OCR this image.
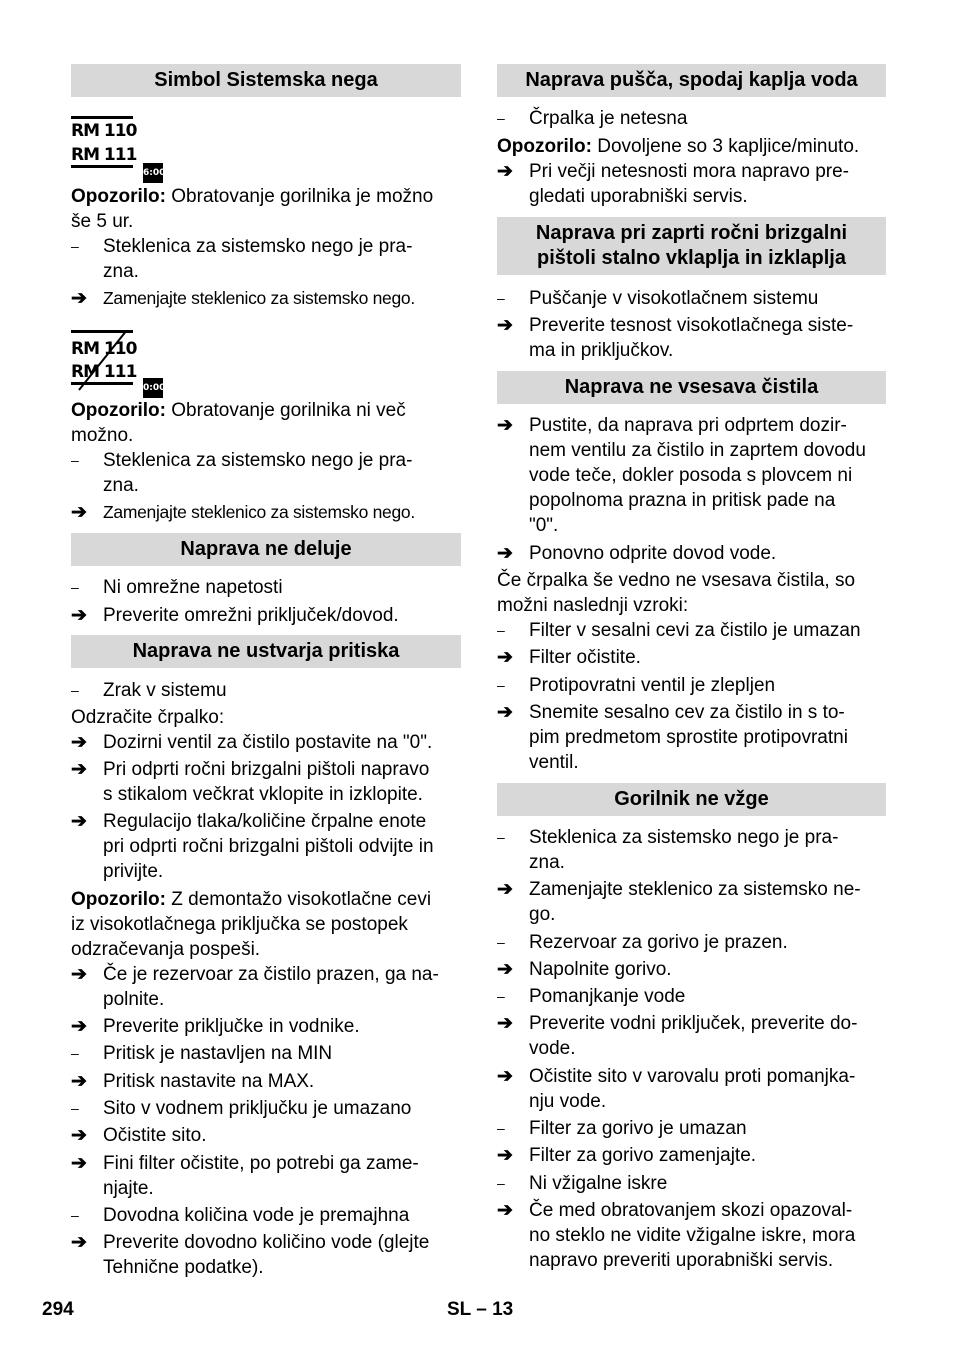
Simbol Sistemska nega
RM 110
RM 111
6:00
Opozorilo: Obratovanje gorilnika je možno
še 5 ur.
–	Steklenica za sistemsko nego je pra-
zna.
➔ Zamenjajte steklenico za sistemsko nego.
RM 110
RM 111
0:00
Opozorilo: Obratovanje gorilnika ni več
možno.
–	Steklenica za sistemsko nego je pra-
zna.
➔ Zamenjajte steklenico za sistemsko nego.
Naprava ne deluje
–	Ni omrežne napetosti
➔ Preverite omrežni priključek/dovod.
Naprava ne ustvarja pritiska
–	Zrak v sistemu
Odzračite črpalko:
➔ Dozirni ventil za čistilo postavite na "0".
➔ Pri odprti ročni brizgalni pištoli napravo
s stikalom večkrat vklopite in izklopite.
➔ Regulacijo tlaka/količine črpalne enote
pri odprti ročni brizgalni pištoli odvijte in
privijte.
Opozorilo: Z demontažo visokotlačne cevi
iz visokotlačnega priključka se postopek
odzračevanja pospeši.
➔ Če je rezervoar za čistilo prazen, ga na-
polnite.
➔ Preverite priključke in vodnike.
–	Pritisk je nastavljen na MIN
➔ Pritisk nastavite na MAX.
–	Sito v vodnem priključku je umazano
➔ Očistite sito.
➔ Fini filter očistite, po potrebi ga zame-
njajte.
–	Dovodna količina vode je premajhna
➔ Preverite dovodno količino vode (glejte
Tehnične podatke).
Naprava pušča, spodaj kaplja voda
–	Črpalka je netesna
Opozorilo: Dovoljene so 3 kapljice/minuto.
➔ Pri večji netesnosti mora napravo pre-
gledati uporabniški servis.
Naprava pri zaprti ročni brizgalni
pištoli stalno vklaplja in izklaplja
–	Puščanje v visokotlačnem sistemu
➔ Preverite tesnost visokotlačnega siste-
ma in priključkov.
Naprava ne vsesava čistila
➔ Pustite, da naprava pri odprtem dozir-
nem ventilu za čistilo in zaprtem dovodu
vode teče, dokler posoda s plovcem ni
popolnoma prazna in pritisk pade na
"0".
➔ Ponovno odprite dovod vode.
Če črpalka še vedno ne vsesava čistila, so
možni naslednji vzroki:
–	Filter v sesalni cevi za čistilo je umazan
➔ Filter očistite.
–	Protipovratni ventil je zlepljen
➔ Snemite sesalno cev za čistilo in s to-
pim predmetom sprostite protipovratni
ventil.
Gorilnik ne vžge
–	Steklenica za sistemsko nego je pra-
zna.
➔ Zamenjajte steklenico za sistemsko ne-
go.
–	Rezervoar za gorivo je prazen.
➔ Napolnite gorivo.
–	Pomanjkanje vode
➔ Preverite vodni priključek, preverite do-
vode.
➔ Očistite sito v varovalu proti pomanjka-
nju vode.
–	Filter za gorivo je umazan
➔ Filter za gorivo zamenjajte.
–	Ni vžigalne iskre
➔ Če med obratovanjem skozi opazoval-
no steklo ne vidite vžigalne iskre, mora
napravo preveriti uporabniški servis.
294	SL – 13
